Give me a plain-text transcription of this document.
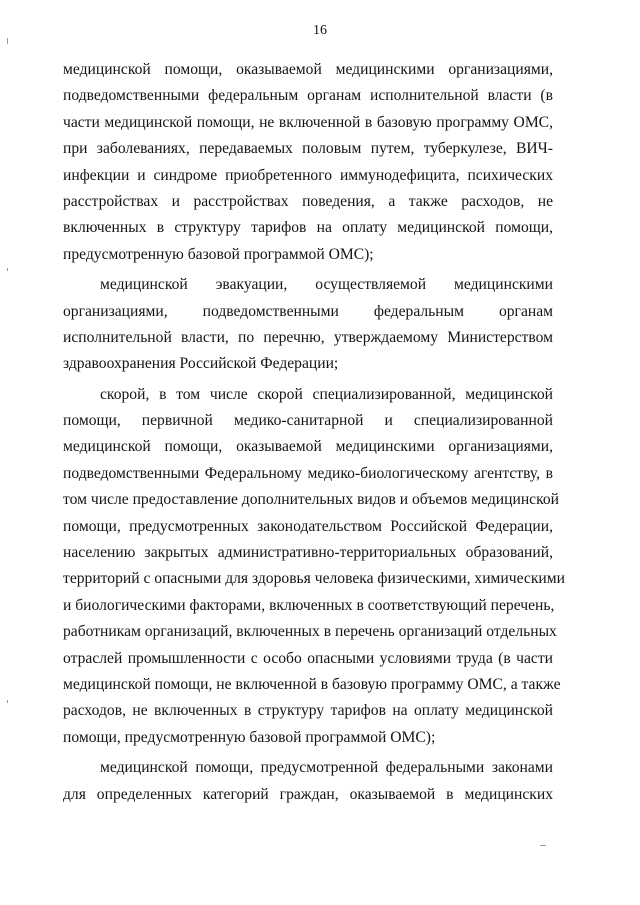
16
медицинской помощи, оказываемой медицинскими организациями,
подведомственными федеральным органам исполнительной власти (в
части медицинской помощи, не включенной в базовую программу ОМС,
при заболеваниях, передаваемых половым путем, туберкулезе, ВИЧ-
инфекции и синдроме приобретенного иммунодефицита, психических
расстройствах и расстройствах поведения, а также расходов, не
включенных в структуру тарифов на оплату медицинской помощи,
предусмотренную базовой программой ОМС);
медицинской эвакуации, осуществляемой медицинскими
организациями, подведомственными федеральным органам
исполнительной власти, по перечню, утверждаемому Министерством
здравоохранения Российской Федерации;
скорой, в том числе скорой специализированной, медицинской
помощи, первичной медико-санитарной и специализированной
медицинской помощи, оказываемой медицинскими организациями,
подведомственными Федеральному медико-биологическому агентству, в
том числе предоставление дополнительных видов и объемов медицинской
помощи, предусмотренных законодательством Российской Федерации,
населению закрытых административно-территориальных образований,
территорий с опасными для здоровья человека физическими, химическими
и биологическими факторами, включенных в соответствующий перечень,
работникам организаций, включенных в перечень организаций отдельных
отраслей промышленности с особо опасными условиями труда (в части
медицинской помощи, не включенной в базовую программу ОМС, а также
расходов, не включенных в структуру тарифов на оплату медицинской
помощи, предусмотренную базовой программой ОМС);
медицинской помощи, предусмотренной федеральными законами
для определенных категорий граждан, оказываемой в медицинских
